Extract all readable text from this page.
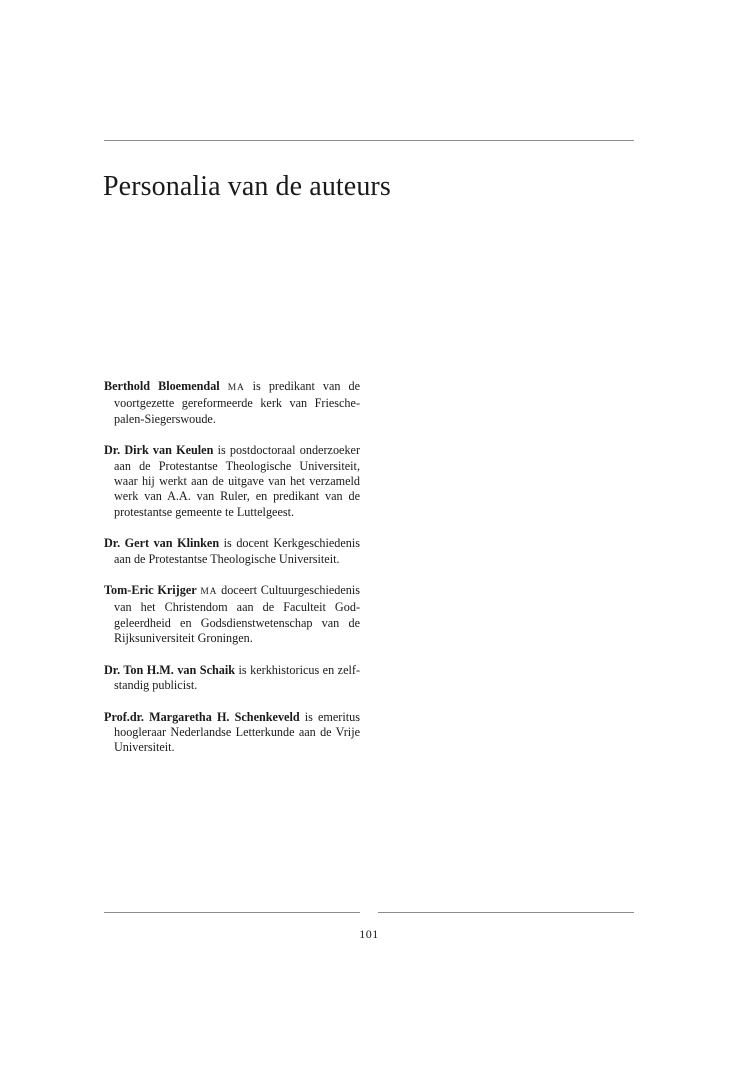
Personalia van de auteurs

Berthold Bloemendal MA is predikant van de voortgezette gereformeerde kerk van Frieschepalen-Siegerswoude.

Dr. Dirk van Keulen is postdoctoraal onderzoeker aan de Protestantse Theologische Universiteit, waar hij werkt aan de uitgave van het verzameld werk van A.A. van Ruler, en predikant van de protestantse gemeente te Luttelgeest.

Dr. Gert van Klinken is docent Kerkgeschiedenis aan de Protestantse Theologische Universiteit.

Tom-Eric Krijger MA doceert Cultuurgeschiedenis van het Christendom aan de Faculteit Godgeleerdheid en Godsdienstwetenschap van de Rijksuniversiteit Groningen.

Dr. Ton H.M. van Schaik is kerkhistoricus en zelfstandig publicist.

Prof.dr. Margaretha H. Schenkeveld is emeritus hoogleraar Nederlandse Letterkunde aan de Vrije Universiteit.

101
